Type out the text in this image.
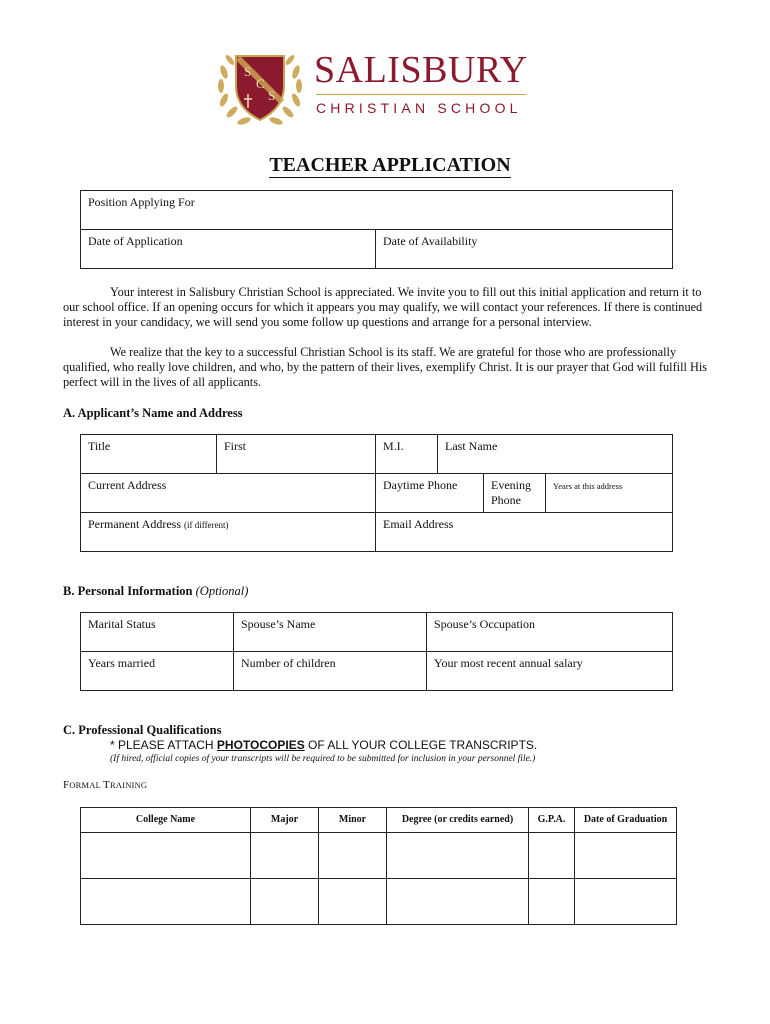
S
C
S
SALISBURY
CHRISTIAN SCHOOL
TEACHER APPLICATION
Position Applying For
Date of Application	Date of Availability
Your interest in Salisbury Christian School is appreciated. We invite you to fill out this initial application and return it to our school office. If an opening occurs for which it appears you may qualify, we will contact your references. If there is continued interest in your candidacy, we will send you some follow up questions and arrange for a personal interview.
We realize that the key to a successful Christian School is its staff. We are grateful for those who are professionally qualified, who really love children, and who, by the pattern of their lives, exemplify Christ. It is our prayer that God will fulfill His perfect will in the lives of all applicants.
A. Applicant’s Name and Address
Title	First	M.I.	Last Name		
Current Address		Daytime Phone		Evening Phone	Years at this address
Permanent Address (if different)		Email Address			
B. Personal Information (Optional)
Marital Status	Spouse’s Name	Spouse’s Occupation
Years married	Number of children	Your most recent annual salary
C. Professional Qualifications
* PLEASE ATTACH PHOTOCOPIES OF ALL YOUR COLLEGE TRANSCRIPTS.
(If hired, official copies of your transcripts will be required to be submitted for inclusion in your personnel file.)
FORMAL TRAINING
College Name	Major	Minor	Degree (or credits earned)	G.P.A.	Date of Graduation
